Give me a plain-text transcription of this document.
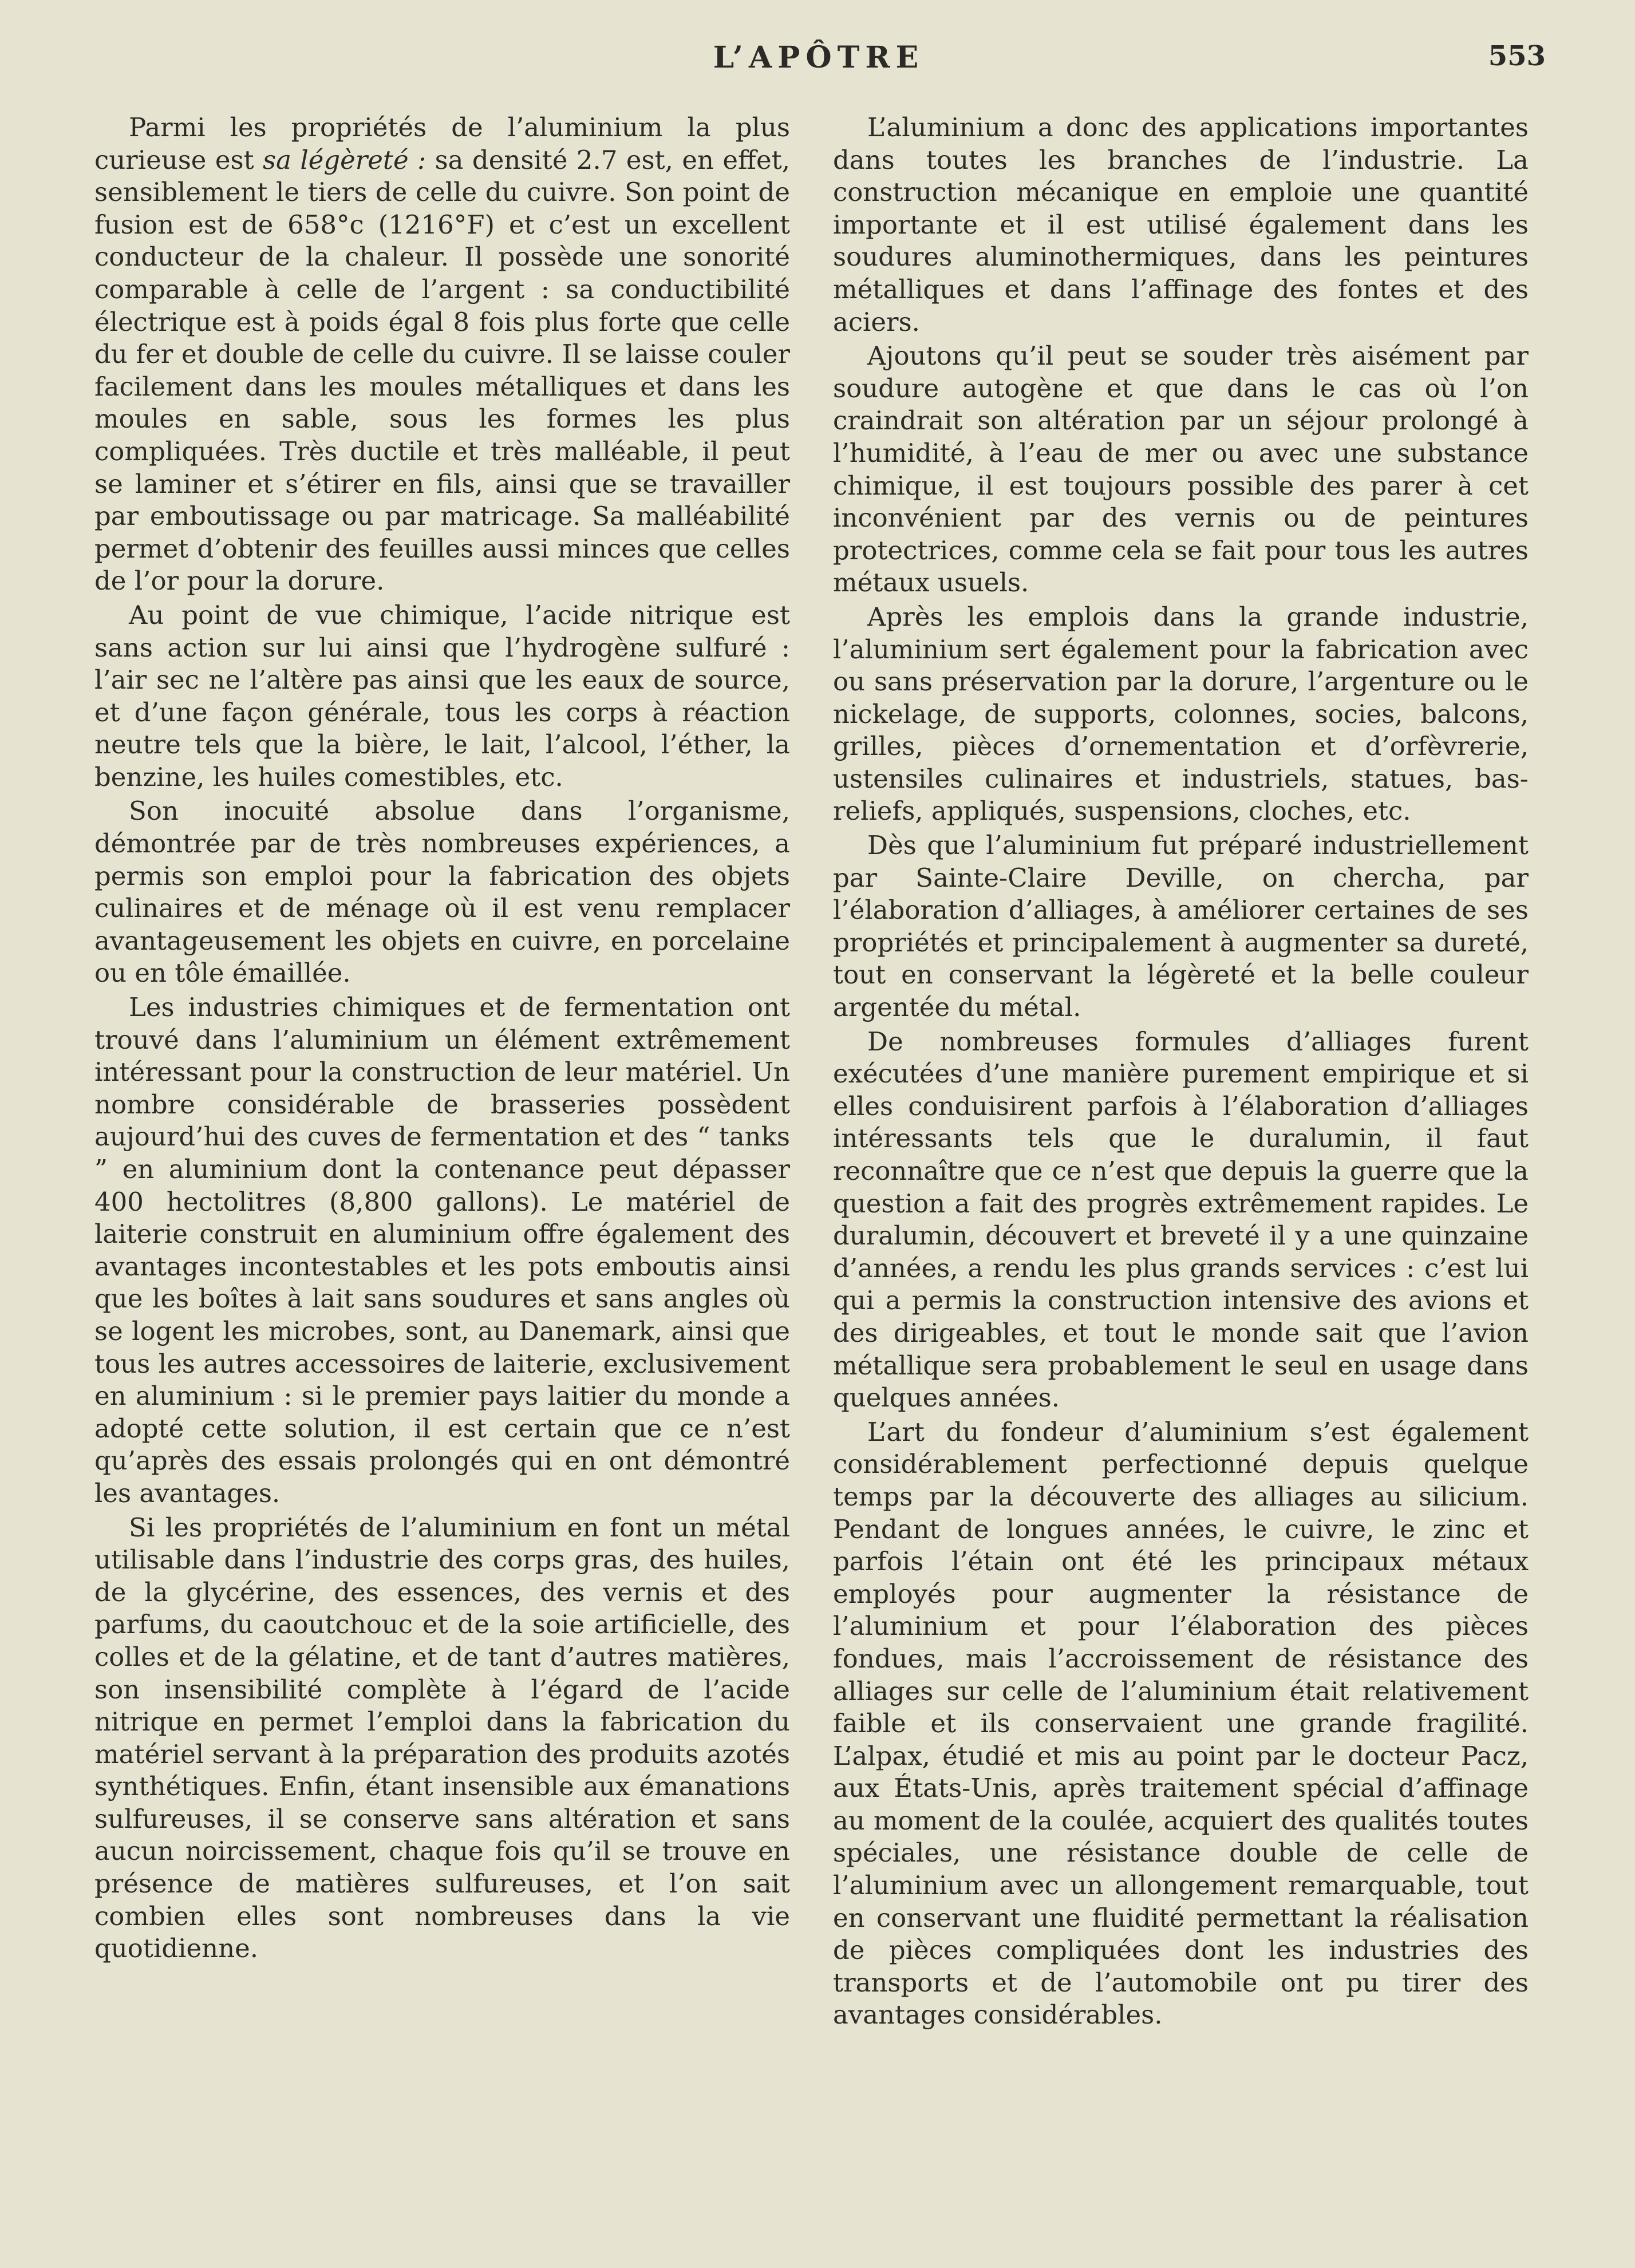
L’APÔTRE	553

Parmi les propriétés de l’aluminium la plus curieuse est sa légèreté : sa densité 2.7 est, en effet, sensiblement le tiers de celle du cuivre. Son point de fusion est de 658°c (1216°F) et c’est un excellent conducteur de la chaleur. Il possède une sonorité comparable à celle de l’argent : sa conductibilité électrique est à poids égal 8 fois plus forte que celle du fer et double de celle du cuivre. Il se laisse couler facilement dans les moules métalliques et dans les moules en sable, sous les formes les plus compliquées. Très ductile et très malléable, il peut se laminer et s’étirer en fils, ainsi que se travailler par emboutissage ou par matricage. Sa malléabilité permet d’obtenir des feuilles aussi minces que celles de l’or pour la dorure.

Au point de vue chimique, l’acide nitrique est sans action sur lui ainsi que l’hydrogène sulfuré : l’air sec ne l’altère pas ainsi que les eaux de source, et d’une façon générale, tous les corps à réaction neutre tels que la bière, le lait, l’alcool, l’éther, la benzine, les huiles comestibles, etc.

Son inocuité absolue dans l’organisme, démontrée par de très nombreuses expériences, a permis son emploi pour la fabrication des objets culinaires et de ménage où il est venu remplacer avantageusement les objets en cuivre, en porcelaine ou en tôle émaillée.

Les industries chimiques et de fermentation ont trouvé dans l’aluminium un élément extrêmement intéressant pour la construction de leur matériel. Un nombre considérable de brasseries possèdent aujourd’hui des cuves de fermentation et des “ tanks ” en aluminium dont la contenance peut dépasser 400 hectolitres (8,800 gallons). Le matériel de laiterie construit en aluminium offre également des avantages incontestables et les pots emboutis ainsi que les boîtes à lait sans soudures et sans angles où se logent les microbes, sont, au Danemark, ainsi que tous les autres accessoires de laiterie, exclusivement en aluminium : si le premier pays laitier du monde a adopté cette solution, il est certain que ce n’est qu’après des essais prolongés qui en ont démontré les avantages.

Si les propriétés de l’aluminium en font un métal utilisable dans l’industrie des corps gras, des huiles, de la glycérine, des essences, des vernis et des parfums, du caoutchouc et de la soie artificielle, des colles et de la gélatine, et de tant d’autres matières, son insensibilité complète à l’égard de l’acide nitrique en permet l’emploi dans la fabrication du matériel servant à la préparation des produits azotés synthétiques. Enfin, étant insensible aux émanations sulfureuses, il se conserve sans altération et sans aucun noircissement, chaque fois qu’il se trouve en présence de matières sulfureuses, et l’on sait combien elles sont nombreuses dans la vie quotidienne.

L’aluminium a donc des applications importantes dans toutes les branches de l’industrie. La construction mécanique en emploie une quantité importante et il est utilisé également dans les soudures aluminothermiques, dans les peintures métalliques et dans l’affinage des fontes et des aciers.

Ajoutons qu’il peut se souder très aisément par soudure autogène et que dans le cas où l’on craindrait son altération par un séjour prolongé à l’humidité, à l’eau de mer ou avec une substance chimique, il est toujours possible des parer à cet inconvénient par des vernis ou de peintures protectrices, comme cela se fait pour tous les autres métaux usuels.

Après les emplois dans la grande industrie, l’aluminium sert également pour la fabrication avec ou sans préservation par la dorure, l’argenture ou le nickelage, de supports, colonnes, socies, balcons, grilles, pièces d’ornementation et d’orfèvrerie, ustensiles culinaires et industriels, statues, bas-reliefs, appliqués, suspensions, cloches, etc.

Dès que l’aluminium fut préparé industriellement par Sainte-Claire Deville, on chercha, par l’élaboration d’alliages, à améliorer certaines de ses propriétés et principalement à augmenter sa dureté, tout en conservant la légèreté et la belle couleur argentée du métal.

De nombreuses formules d’alliages furent exécutées d’une manière purement empirique et si elles conduisirent parfois à l’élaboration d’alliages intéressants tels que le duralumin, il faut reconnaître que ce n’est que depuis la guerre que la question a fait des progrès extrêmement rapides. Le duralumin, découvert et breveté il y a une quinzaine d’années, a rendu les plus grands services : c’est lui qui a permis la construction intensive des avions et des dirigeables, et tout le monde sait que l’avion métallique sera probablement le seul en usage dans quelques années.

L’art du fondeur d’aluminium s’est également considérablement perfectionné depuis quelque temps par la découverte des alliages au silicium. Pendant de longues années, le cuivre, le zinc et parfois l’étain ont été les principaux métaux employés pour augmenter la résistance de l’aluminium et pour l’élaboration des pièces fondues, mais l’accroissement de résistance des alliages sur celle de l’aluminium était relativement faible et ils conservaient une grande fragilité. L’alpax, étudié et mis au point par le docteur Pacz, aux États-Unis, après traitement spécial d’affinage au moment de la coulée, acquiert des qualités toutes spéciales, une résistance double de celle de l’aluminium avec un allongement remarquable, tout en conservant une fluidité permettant la réalisation de pièces compliquées dont les industries des transports et de l’automobile ont pu tirer des avantages considérables.
